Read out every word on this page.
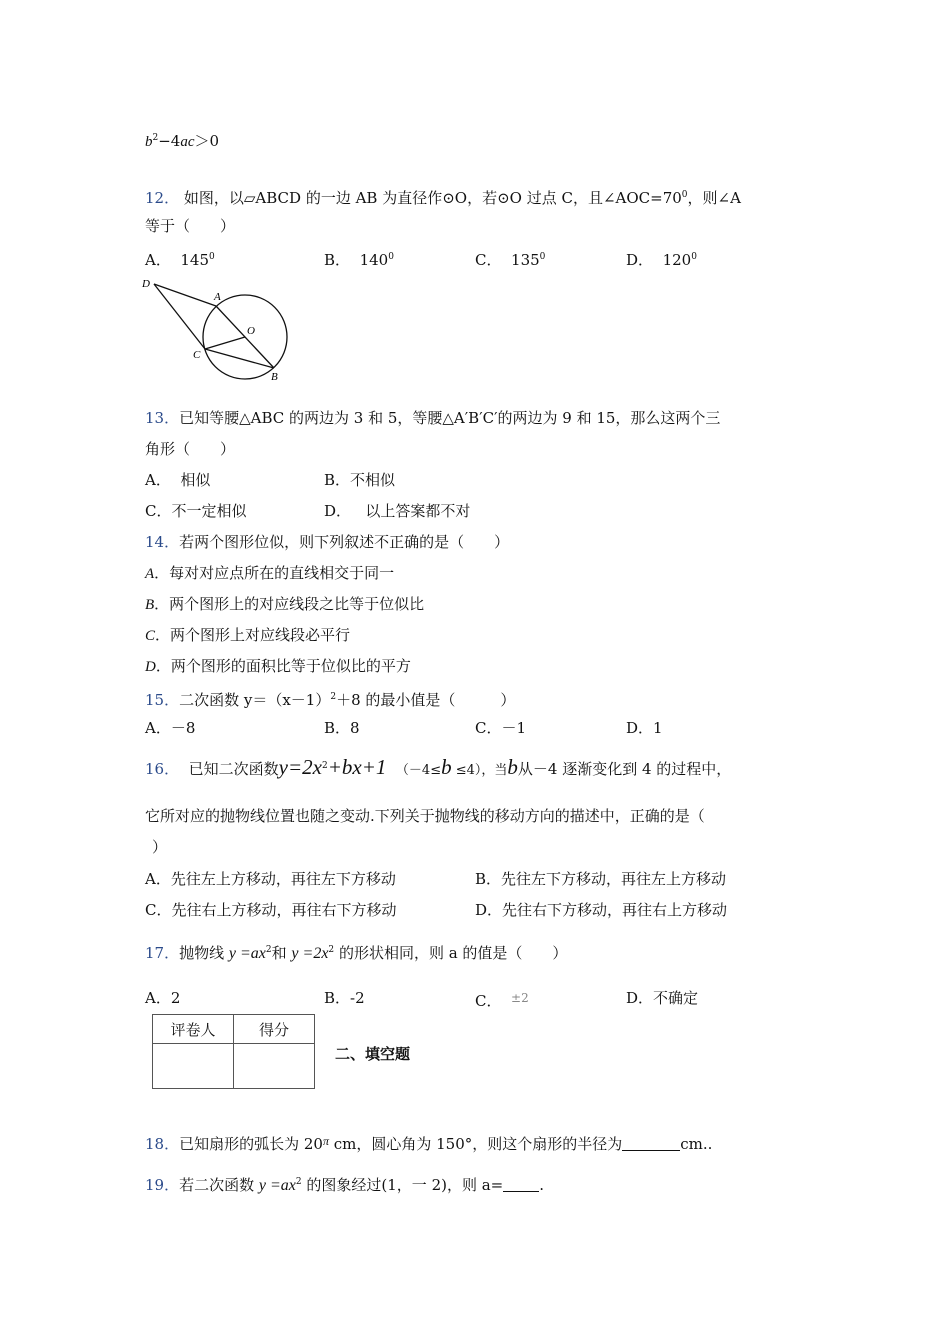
$b^2-4ac>0$
12． 如图，以▱ABCD 的一边 AB 为直径作⊙O，若⊙O 过点 C，且$\angle AOC=70^0$，则∠A
等于（　　）
A． $145^0$	B． $140^0$	C． $135^0$	D． $120^0$
D
A
O
C
B
13．已知等腰△ABC 的两边为 3 和 5，等腰△A′B′C′的两边为 9 和 15，那么这两个三
角形（　　）
A． 相似	B．不相似
C．不一定相似	D． 以上答案都不对
14．若两个图形位似，则下列叙述不正确的是（　　）
A．每对对应点所在的直线相交于同一
B．两个图形上的对应线段之比等于位似比
C．两个图形上对应线段必平行
D．两个图形的面积比等于位似比的平方
15．二次函数 $y=(x-1)^2+8$ 的最小值是（　　　）
A．－8	B．8	C．－1	D．1
16． 已知二次函数$y=2x^2+bx+1$ （－4≤b ≤4），当b从－4 逐渐变化到 4 的过程中，
它所对应的抛物线位置也随之变动.下列关于抛物线的移动方向的描述中，正确的是（
）
A．先往左上方移动，再往左下方移动	B．先往左下方移动，再往左上方移动
C．先往右上方移动，再往右下方移动	D．先往右下方移动，再往右上方移动
17．抛物线 $y =ax^2$和 $y =2x^2$ 的形状相同，则 a 的值是（　　）
A．2	B．-2	C． $^{\pm 2}$	D．不确定
评卷人	得分

二、填空题
18．已知扇形的弧长为 $20^\pi$ cm，圆心角为 150°，则这个扇形的半径为	cm..
19．若二次函数 $y =ax^2$ 的图象经过(1，一 2)，则 a= .
